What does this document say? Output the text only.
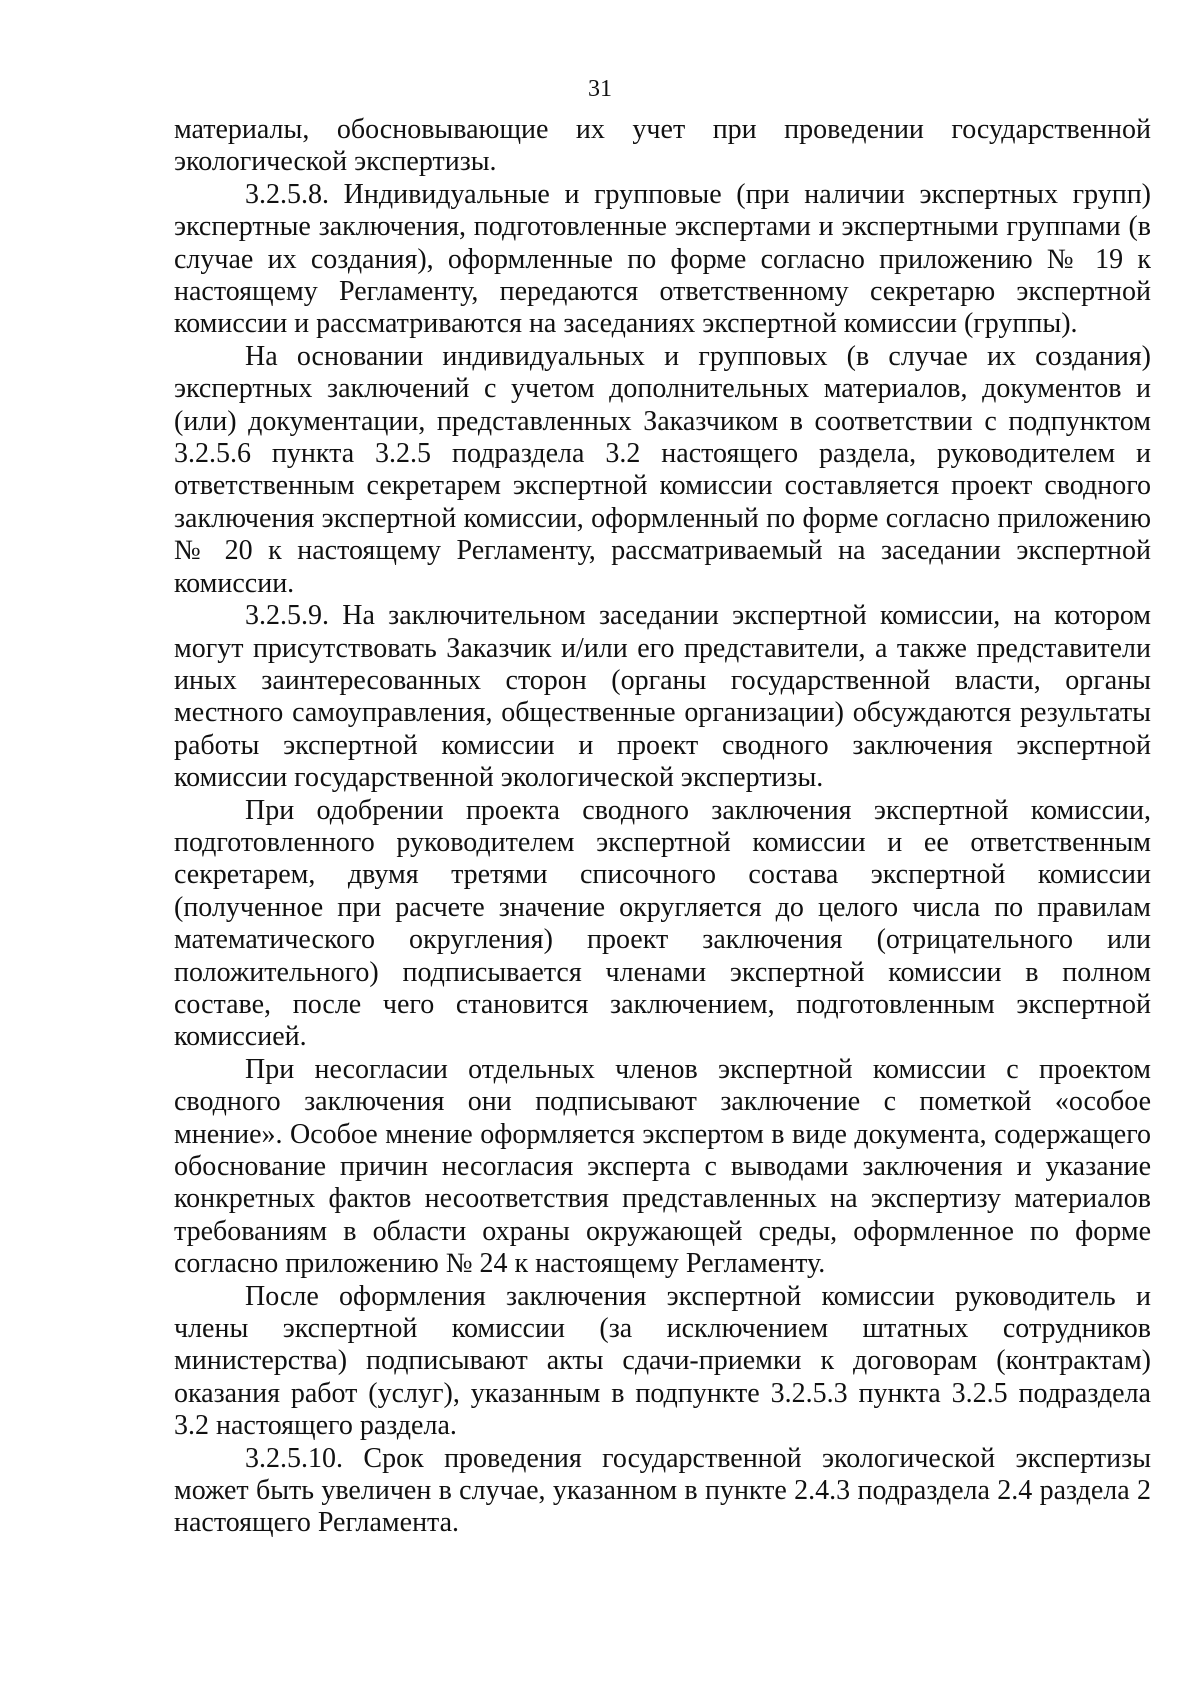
31

материалы, обосновывающие их учет при проведении государственной экологической экспертизы.

3.2.5.8. Индивидуальные и групповые (при наличии экспертных групп) экспертные заключения, подготовленные экспертами и экспертными группами (в случае их создания), оформленные по форме согласно приложению № 19 к настоящему Регламенту, передаются ответственному секретарю экспертной комиссии и рассматриваются на заседаниях экспертной комиссии (группы).

На основании индивидуальных и групповых (в случае их создания) экспертных заключений с учетом дополнительных материалов, документов и (или) документации, представленных Заказчиком в соответствии с подпунктом 3.2.5.6 пункта 3.2.5 подраздела 3.2 настоящего раздела, руководителем и ответственным секретарем экспертной комиссии составляется проект сводного заключения экспертной комиссии, оформленный по форме согласно приложению № 20 к настоящему Регламенту, рассматриваемый на заседании экспертной комиссии.

3.2.5.9. На заключительном заседании экспертной комиссии, на котором могут присутствовать Заказчик и/или его представители, а также представители иных заинтересованных сторон (органы государственной власти, органы местного самоуправления, общественные организации) обсуждаются результаты работы экспертной комиссии и проект сводного заключения экспертной комиссии государственной экологической экспертизы.

При одобрении проекта сводного заключения экспертной комиссии, подготовленного руководителем экспертной комиссии и ее ответственным секретарем, двумя третями списочного состава экспертной комиссии (полученное при расчете значение округляется до целого числа по правилам математического округления) проект заключения (отрицательного или положительного) подписывается членами экспертной комиссии в полном составе, после чего становится заключением, подготовленным экспертной комиссией.

При несогласии отдельных членов экспертной комиссии с проектом сводного заключения они подписывают заключение с пометкой «особое мнение». Особое мнение оформляется экспертом в виде документа, содержащего обоснование причин несогласия эксперта с выводами заключения и указание конкретных фактов несоответствия представленных на экспертизу материалов требованиям в области охраны окружающей среды, оформленное по форме согласно приложению № 24 к настоящему Регламенту.

После оформления заключения экспертной комиссии руководитель и члены экспертной комиссии (за исключением штатных сотрудников министерства) подписывают акты сдачи-приемки к договорам (контрактам) оказания работ (услуг), указанным в подпункте 3.2.5.3 пункта 3.2.5 подраздела 3.2 настоящего раздела.

3.2.5.10. Срок проведения государственной экологической экспертизы может быть увеличен в случае, указанном в пункте 2.4.3 подраздела 2.4 раздела 2 настоящего Регламента.
